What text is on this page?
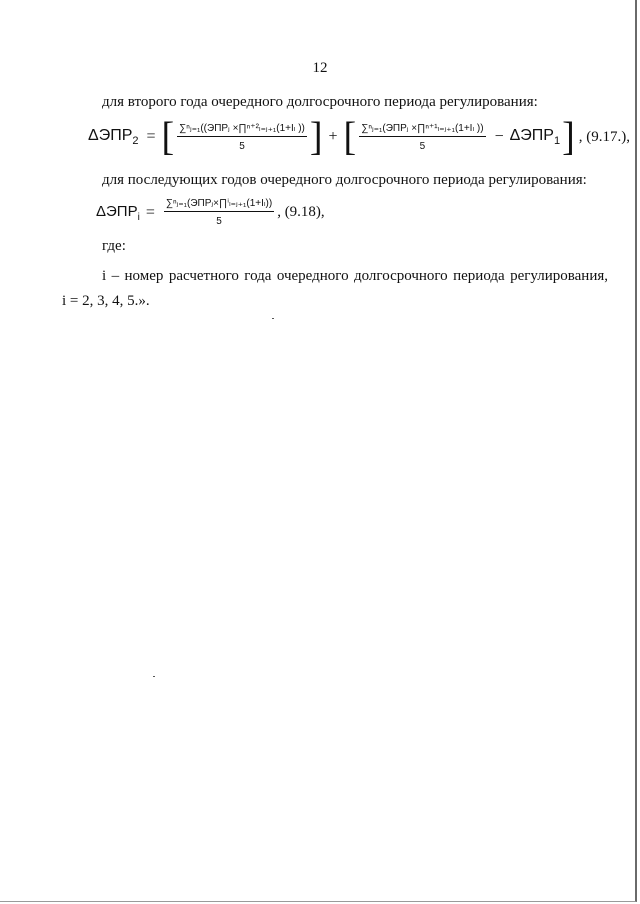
12
для второго года очередного долгосрочного периода регулирования:
$\Delta ЭПР_2$ = [ $\frac{\text{∑ⁿⱼ₌₁((ЭПРⱼ ×∏ⁿ⁺²ₗ₌ⱼ₊₁(1+Iₗ ))}}{5}$ ] + [ $\frac{\text{∑ⁿⱼ₌₁(ЭПРⱼ ×∏ⁿ⁺¹ₗ₌ⱼ₊₁(1+Iₗ ))}}{5} - \Delta ЭПР_1$ ] , (9.17.),
для последующих годов очередного долгосрочного периода регулирования:
$\Delta ЭПР_i = \frac{\text{∑ⁿⱼ₌₁(ЭПРⱼ×∏ⁱₗ₌ⱼ₊₁(1+Iₗ))}}{5}$ , (9.18),
где:
i – номер расчетного года очередного долгосрочного периода регулирования,
i = 2, 3, 4, 5.».
